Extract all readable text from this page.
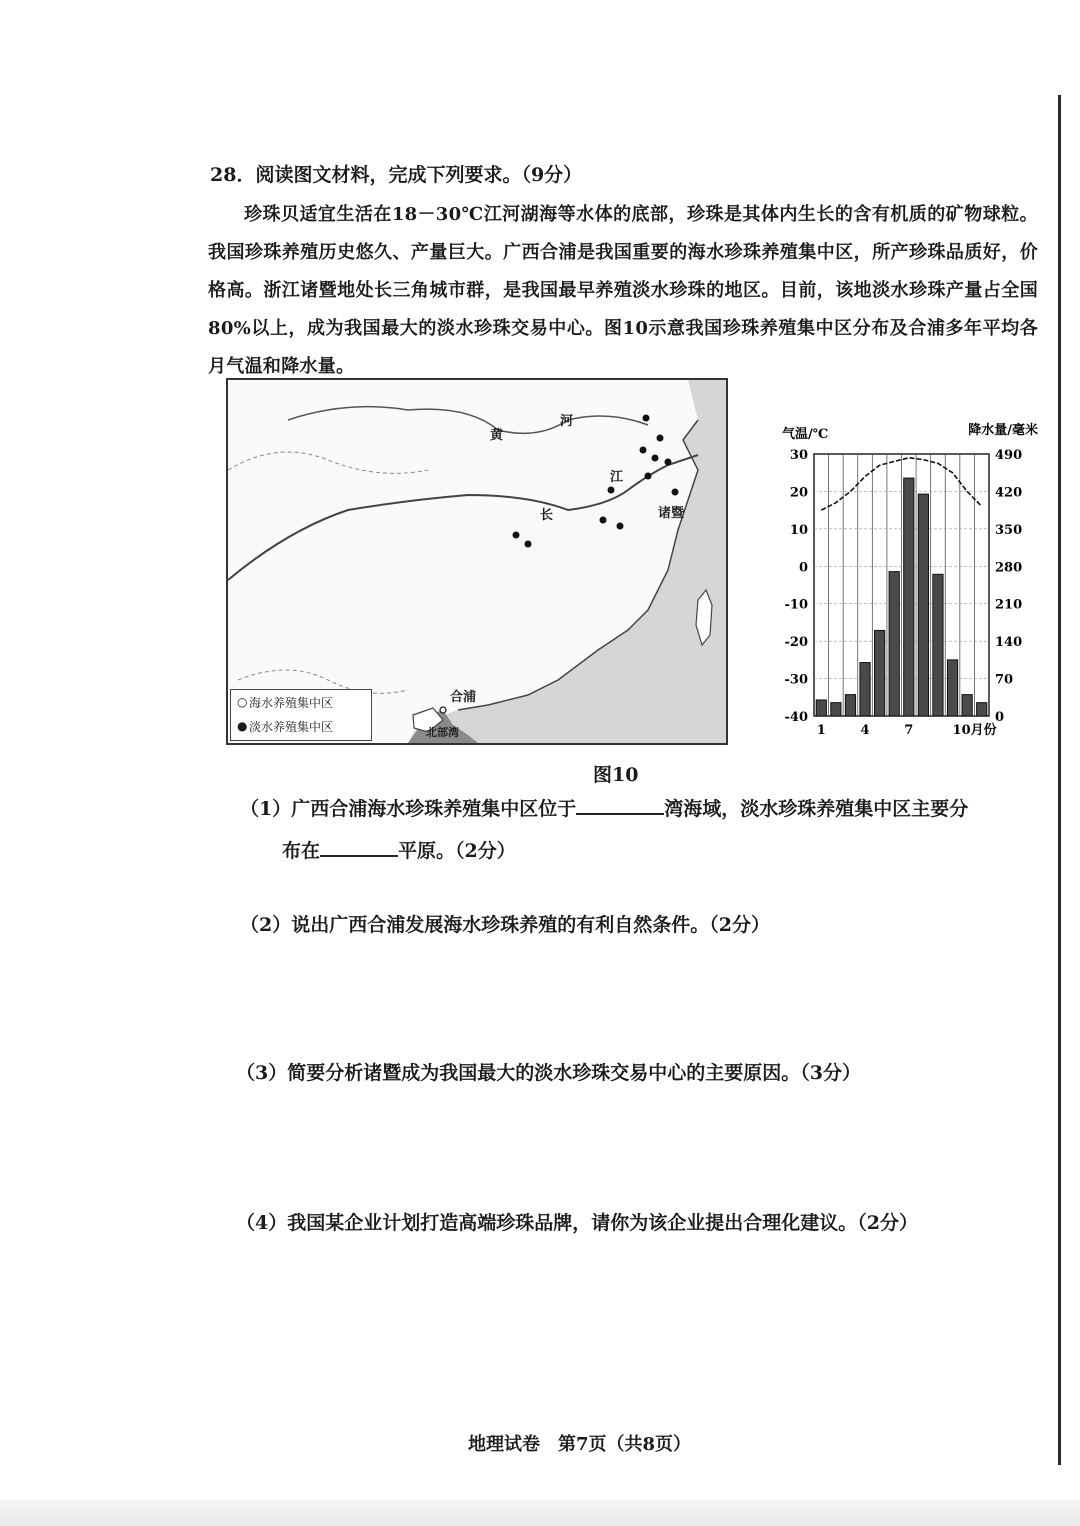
28．阅读图文材料，完成下列要求。（9分）
珍珠贝适宜生活在18－30℃江河湖海等水体的底部，珍珠是其体内生长的含有机质的矿物球粒。我国珍珠养殖历史悠久、产量巨大。广西合浦是我国重要的海水珍珠养殖集中区，所产珍珠品质好，价格高。浙江诸暨地处长三角城市群，是我国最早养殖淡水珍珠的地区。目前，该地淡水珍珠产量占全国80%以上，成为我国最大的淡水珍珠交易中心。图10示意我国珍珠养殖集中区分布及合浦多年平均各月气温和降水量。
黄
河
江
长	诸暨
合浦
北部湾
○ 海水养殖集中区
● 淡水养殖集中区
30
20
10
0
-10
-20
-30
-40
490
420
350
280
210
140
70
0
气温/℃	降水量/毫米
1	4	7	10月份
图10
（1）广西合浦海水珍珠养殖集中区位于	湾海域，淡水珍珠养殖集中区主要分
布在	平原。（2分）
（2）说出广西合浦发展海水珍珠养殖的有利自然条件。（2分）
（3）简要分析诸暨成为我国最大的淡水珍珠交易中心的主要原因。（3分）
（4）我国某企业计划打造高端珍珠品牌，请你为该企业提出合理化建议。（2分）
地理试卷　第7页（共8页）
